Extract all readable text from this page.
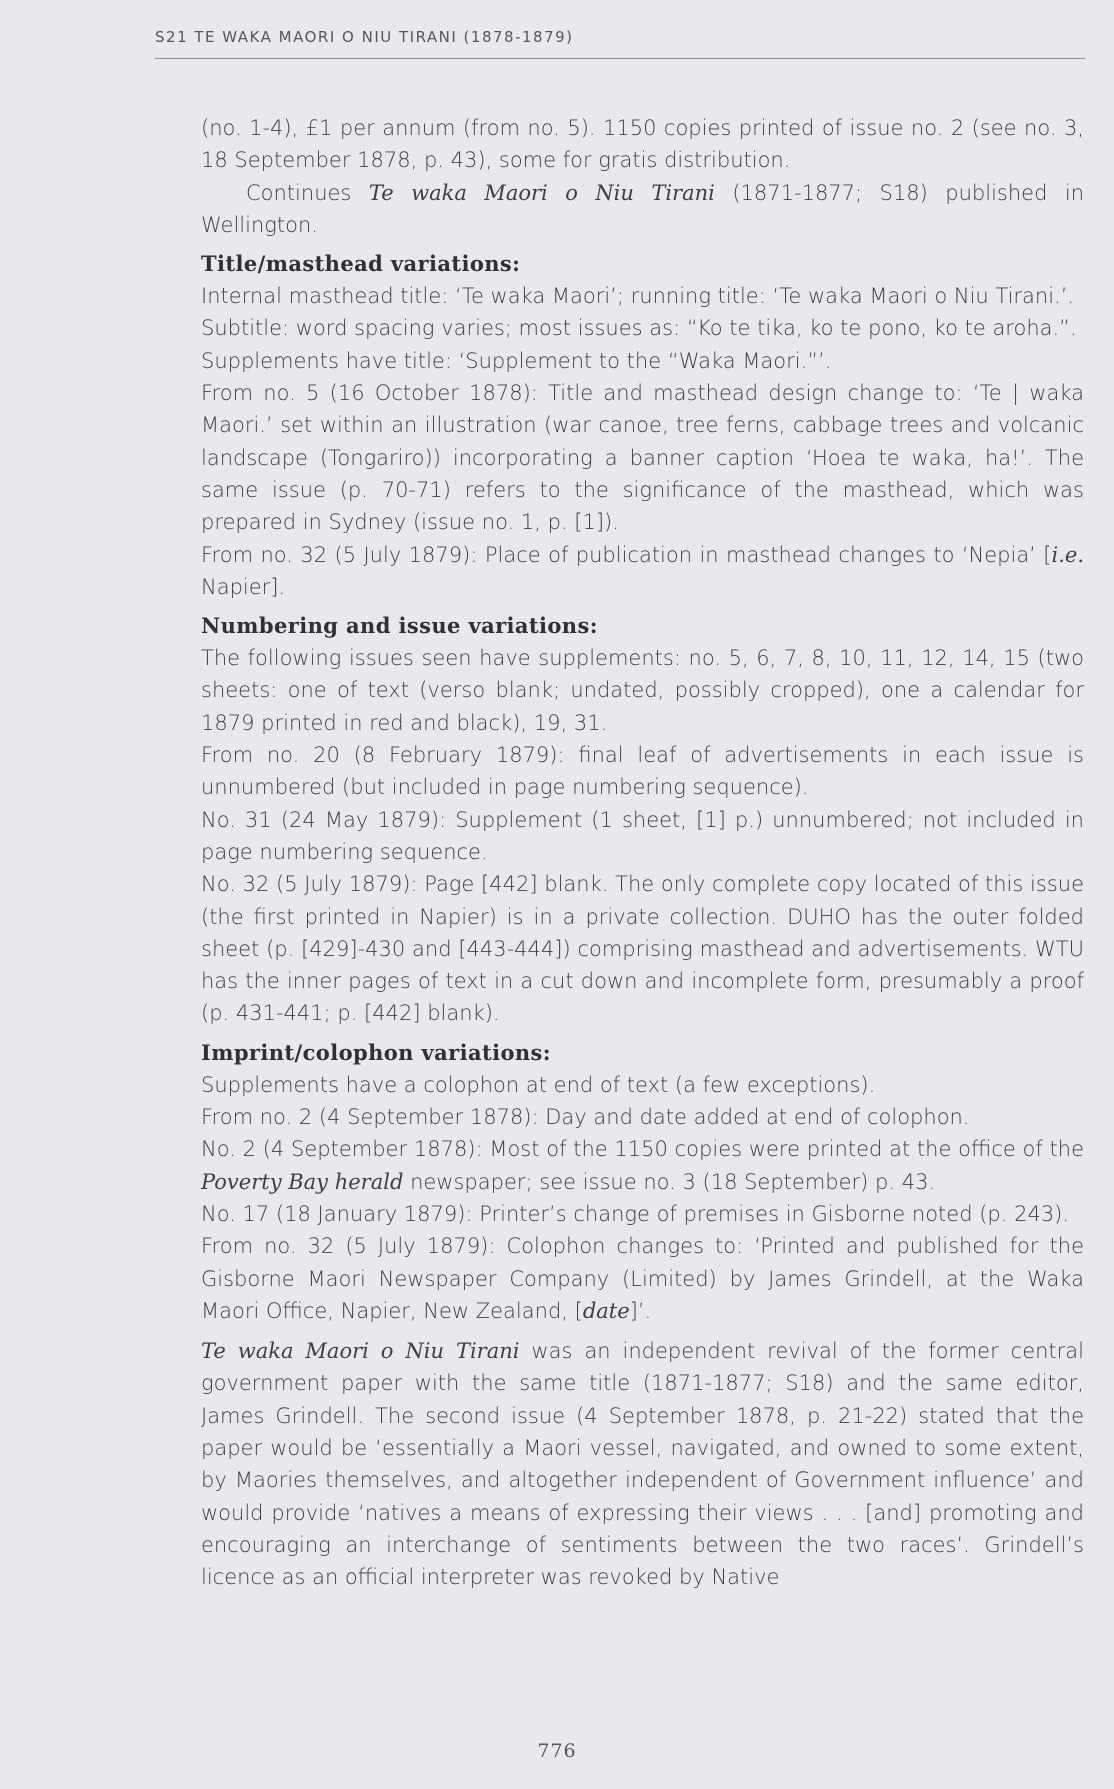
S21 TE WAKA MAORI O NIU TIRANI (1878-1879)

(no. 1-4), £1 per annum (from no. 5). 1150 copies printed of issue no. 2 (see no. 3, 18 September 1878, p. 43), some for gratis distribution.

Continues Te waka Maori o Niu Tirani (1871-1877; S18) published in Wellington.

Title/masthead variations:

Internal masthead title: ‘Te waka Maori’; running title: ‘Te waka Maori o Niu Tirani.’.

Subtitle: word spacing varies; most issues as: “Ko te tika, ko te pono, ko te aroha.”.

Supplements have title: ‘Supplement to the “Waka Maori.”’.

From no. 5 (16 October 1878): Title and masthead design change to: ‘Te | waka Maori.’ set within an illustration (war canoe, tree ferns, cabbage trees and volcanic landscape (Tongariro)) incorporating a banner caption ‘Hoea te waka, ha!’. The same issue (p. 70-71) refers to the significance of the masthead, which was prepared in Sydney (issue no. 1, p. [1]).

From no. 32 (5 July 1879): Place of publication in masthead changes to ‘Nepia’ [i.e. Napier].

Numbering and issue variations:

The following issues seen have supplements: no. 5, 6, 7, 8, 10, 11, 12, 14, 15 (two sheets: one of text (verso blank; undated, possibly cropped), one a calendar for 1879 printed in red and black), 19, 31.

From no. 20 (8 February 1879): final leaf of advertisements in each issue is unnumbered (but included in page numbering sequence).

No. 31 (24 May 1879): Supplement (1 sheet, [1] p.) unnumbered; not included in page numbering sequence.

No. 32 (5 July 1879): Page [442] blank. The only complete copy located of this issue (the first printed in Napier) is in a private collection. DUHO has the outer folded sheet (p. [429]-430 and [443-444]) comprising masthead and advertisements. WTU has the inner pages of text in a cut down and incomplete form, presumably a proof (p. 431-441; p. [442] blank).

Imprint/colophon variations:

Supplements have a colophon at end of text (a few exceptions).

From no. 2 (4 September 1878): Day and date added at end of colophon.

No. 2 (4 September 1878): Most of the 1150 copies were printed at the office of the Poverty Bay herald newspaper; see issue no. 3 (18 September) p. 43.

No. 17 (18 January 1879): Printer’s change of premises in Gisborne noted (p. 243).

From no. 32 (5 July 1879): Colophon changes to: ‘Printed and published for the Gisborne Maori Newspaper Company (Limited) by James Grindell, at the Waka Maori Office, Napier, New Zealand, [date]’.

Te waka Maori o Niu Tirani was an independent revival of the former central government paper with the same title (1871-1877; S18) and the same editor, James Grindell. The second issue (4 September 1878, p. 21-22) stated that the paper would be ‘essentially a Maori vessel, navigated, and owned to some extent, by Maories themselves, and altogether independent of Government influence’ and would provide ‘natives a means of expressing their views . . . [and] promoting and encouraging an interchange of sentiments between the two races’. Grindell’s licence as an official interpreter was revoked by Native

776
